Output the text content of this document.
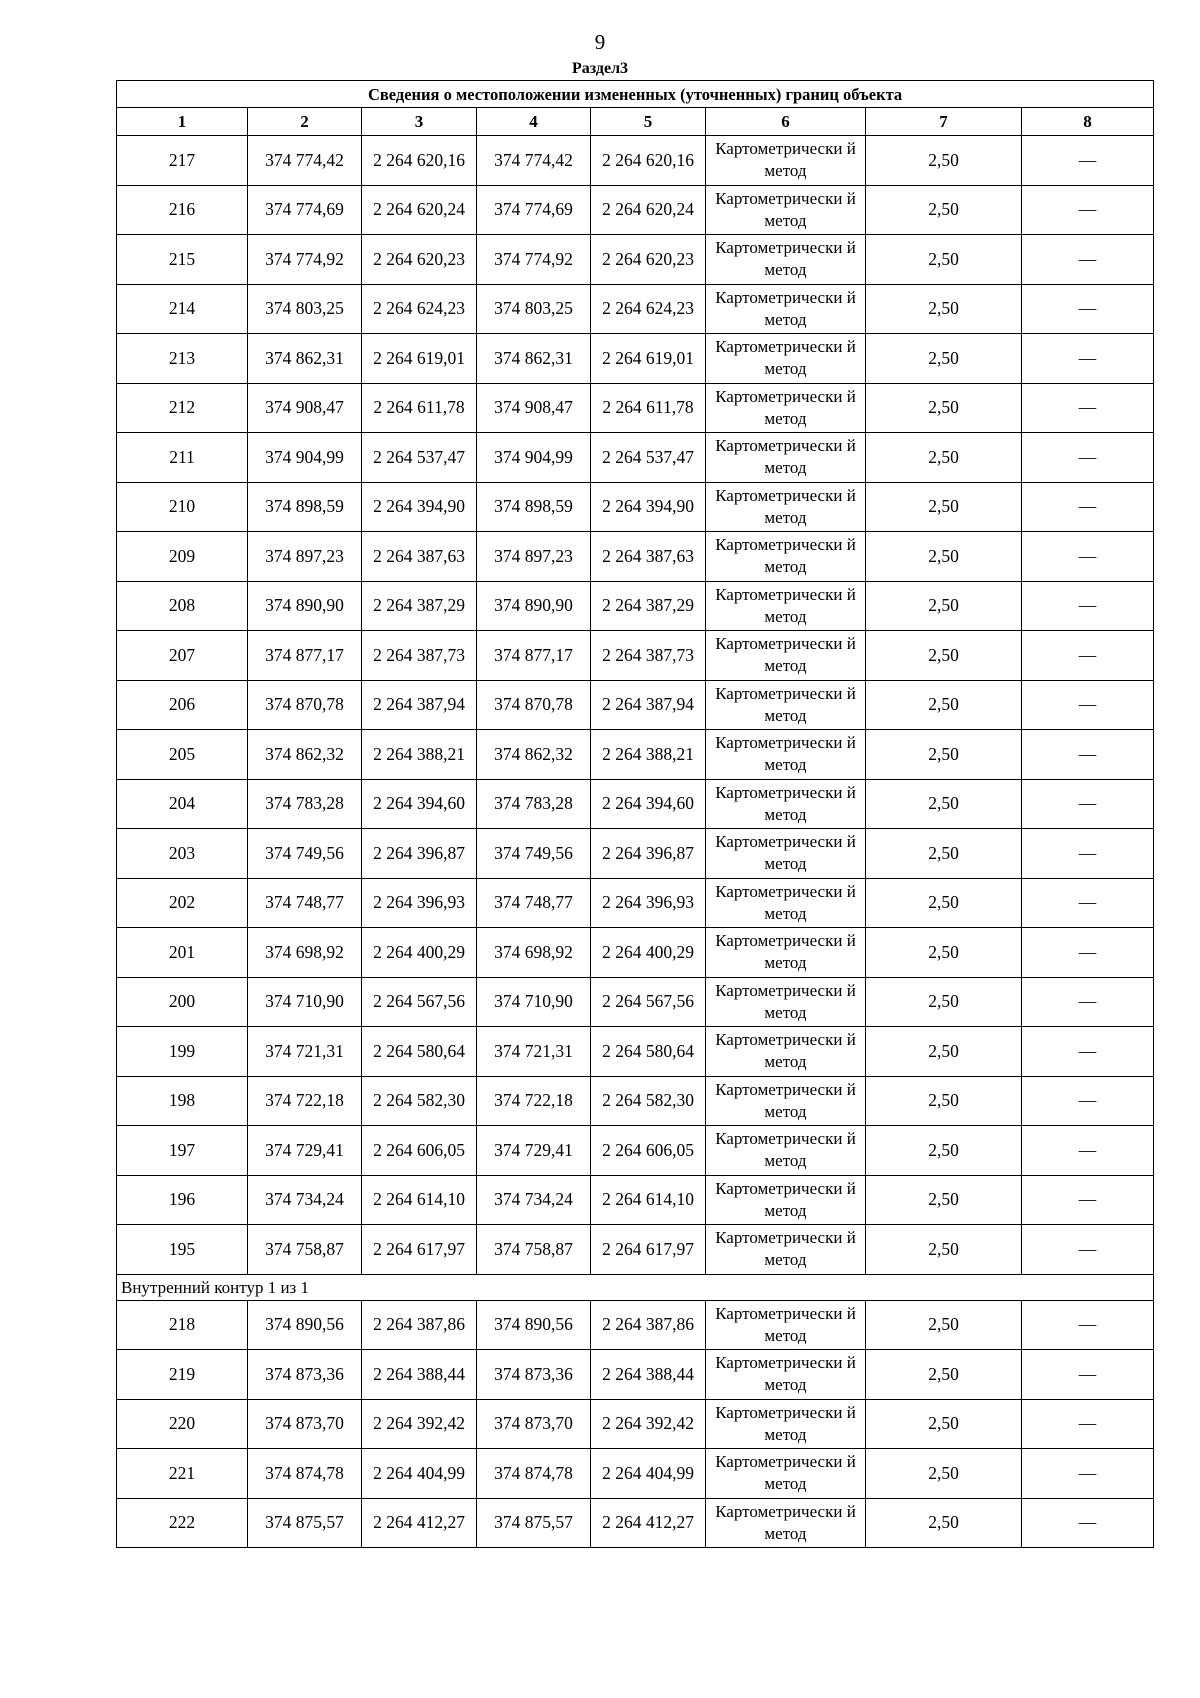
9
Раздел3
Сведения о местоположении измененных (уточненных) границ объекта							
1	2	3	4	5	6	7	8
217	374 774,42	2 264 620,16	374 774,42	2 264 620,16	Картометрически й метод	2,50	—
216	374 774,69	2 264 620,24	374 774,69	2 264 620,24	Картометрически й метод	2,50	—
215	374 774,92	2 264 620,23	374 774,92	2 264 620,23	Картометрически й метод	2,50	—
214	374 803,25	2 264 624,23	374 803,25	2 264 624,23	Картометрически й метод	2,50	—
213	374 862,31	2 264 619,01	374 862,31	2 264 619,01	Картометрически й метод	2,50	—
212	374 908,47	2 264 611,78	374 908,47	2 264 611,78	Картометрически й метод	2,50	—
211	374 904,99	2 264 537,47	374 904,99	2 264 537,47	Картометрически й метод	2,50	—
210	374 898,59	2 264 394,90	374 898,59	2 264 394,90	Картометрически й метод	2,50	—
209	374 897,23	2 264 387,63	374 897,23	2 264 387,63	Картометрически й метод	2,50	—
208	374 890,90	2 264 387,29	374 890,90	2 264 387,29	Картометрически й метод	2,50	—
207	374 877,17	2 264 387,73	374 877,17	2 264 387,73	Картометрически й метод	2,50	—
206	374 870,78	2 264 387,94	374 870,78	2 264 387,94	Картометрически й метод	2,50	—
205	374 862,32	2 264 388,21	374 862,32	2 264 388,21	Картометрически й метод	2,50	—
204	374 783,28	2 264 394,60	374 783,28	2 264 394,60	Картометрически й метод	2,50	—
203	374 749,56	2 264 396,87	374 749,56	2 264 396,87	Картометрически й метод	2,50	—
202	374 748,77	2 264 396,93	374 748,77	2 264 396,93	Картометрически й метод	2,50	—
201	374 698,92	2 264 400,29	374 698,92	2 264 400,29	Картометрически й метод	2,50	—
200	374 710,90	2 264 567,56	374 710,90	2 264 567,56	Картометрически й метод	2,50	—
199	374 721,31	2 264 580,64	374 721,31	2 264 580,64	Картометрически й метод	2,50	—
198	374 722,18	2 264 582,30	374 722,18	2 264 582,30	Картометрически й метод	2,50	—
197	374 729,41	2 264 606,05	374 729,41	2 264 606,05	Картометрически й метод	2,50	—
196	374 734,24	2 264 614,10	374 734,24	2 264 614,10	Картометрически й метод	2,50	—
195	374 758,87	2 264 617,97	374 758,87	2 264 617,97	Картометрически й метод	2,50	—
Внутренний контур 1 из 1							
218	374 890,56	2 264 387,86	374 890,56	2 264 387,86	Картометрически й метод	2,50	—
219	374 873,36	2 264 388,44	374 873,36	2 264 388,44	Картометрически й метод	2,50	—
220	374 873,70	2 264 392,42	374 873,70	2 264 392,42	Картометрически й метод	2,50	—
221	374 874,78	2 264 404,99	374 874,78	2 264 404,99	Картометрически й метод	2,50	—
222	374 875,57	2 264 412,27	374 875,57	2 264 412,27	Картометрически й метод	2,50	—
